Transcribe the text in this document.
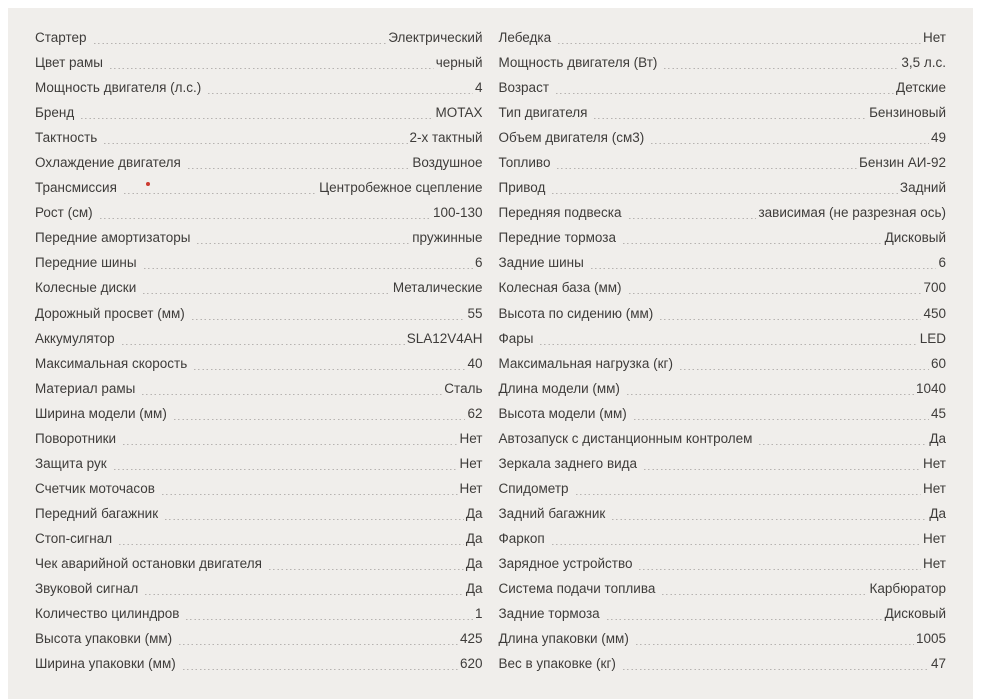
Стартер	Электрический
Цвет рамы	черный
Мощность двигателя (л.с.)	4
Бренд	MOTAX
Тактность	2-х тактный
Охлаждение двигателя	Воздушное
Трансмиссия	Центробежное сцепление
Рост (см)	100-130
Передние амортизаторы	пружинные
Передние шины	6
Колесные диски	Металические
Дорожный просвет (мм)	55
Аккумулятор	SLA12V4AH
Максимальная скорость	40
Материал рамы	Сталь
Ширина модели (мм)	62
Поворотники	Нет
Защита рук	Нет
Счетчик моточасов	Нет
Передний багажник	Да
Стоп-сигнал	Да
Чек аварийной остановки двигателя	Да
Звуковой сигнал	Да
Количество цилиндров	1
Высота упаковки (мм)	425
Ширина упаковки (мм)	620
Лебедка	Нет
Мощность двигателя (Вт)	3,5 л.с.
Возраст	Детские
Тип двигателя	Бензиновый
Объем двигателя (см3)	49
Топливо	Бензин АИ-92
Привод	Задний
Передняя подвеска	зависимая (не разрезная ось)
Передние тормоза	Дисковый
Задние шины	6
Колесная база (мм)	700
Высота по сидению (мм)	450
Фары	LED
Максимальная нагрузка (кг)	60
Длина модели (мм)	1040
Высота модели (мм)	45
Автозапуск с дистанционным контролем	Да
Зеркала заднего вида	Нет
Спидометр	Нет
Задний багажник	Да
Фаркоп	Нет
Зарядное устройство	Нет
Система подачи топлива	Карбюратор
Задние тормоза	Дисковый
Длина упаковки (мм)	1005
Вес в упаковке (кг)	47
